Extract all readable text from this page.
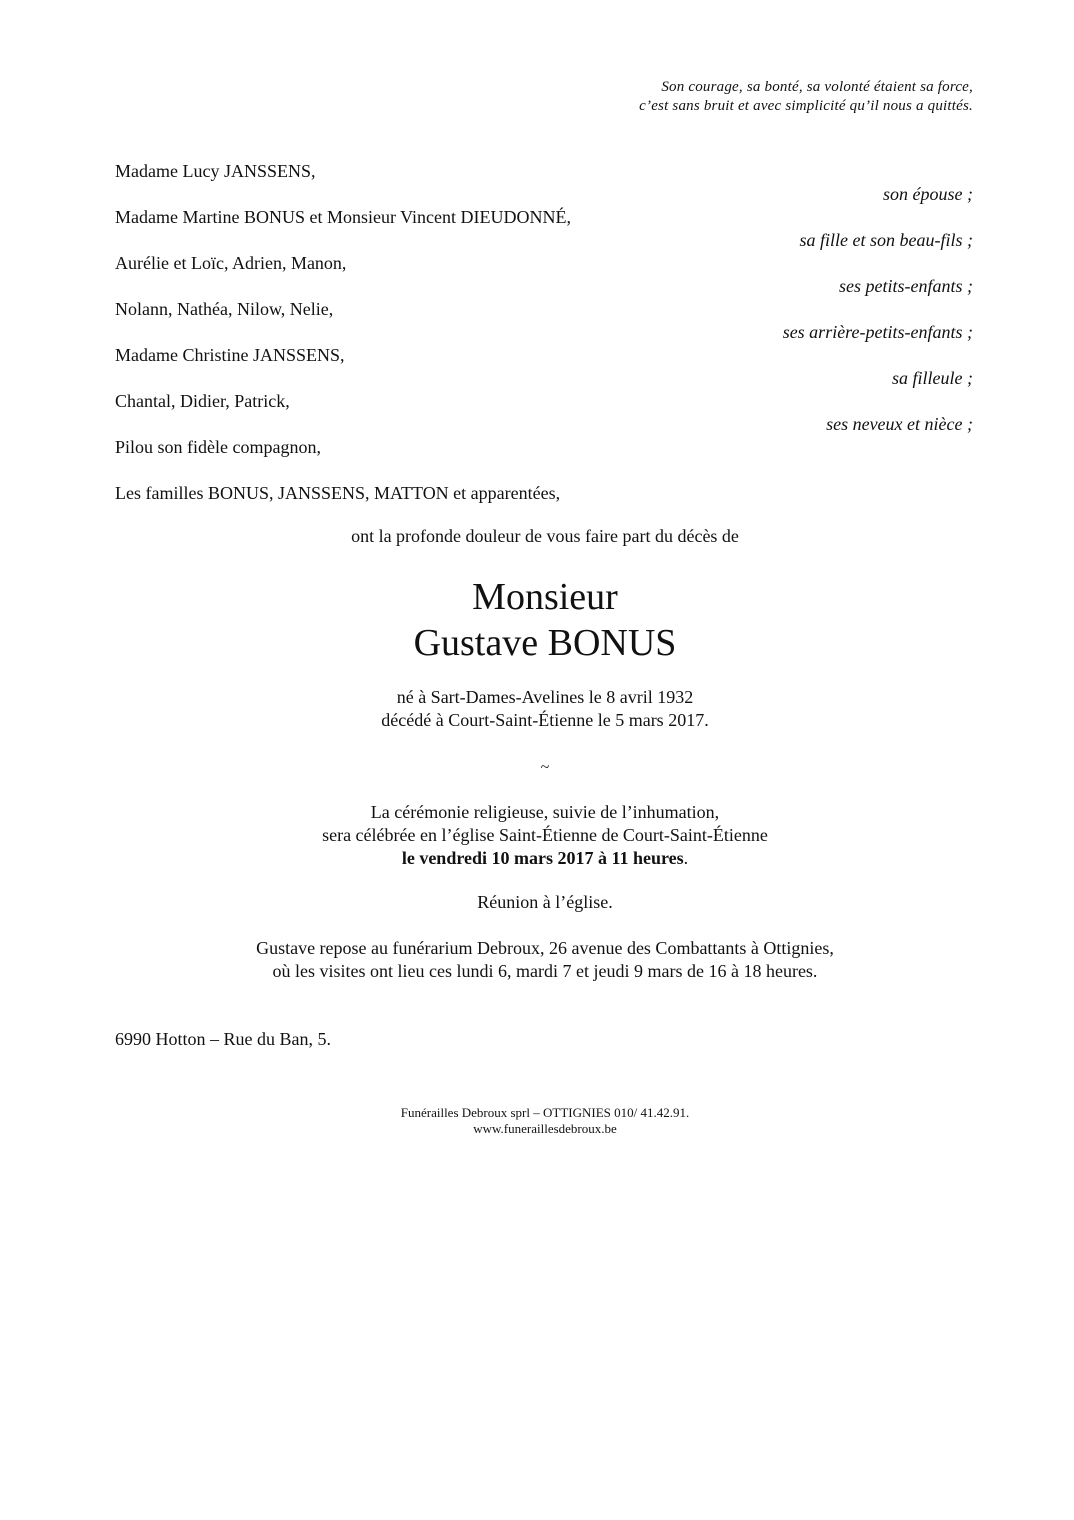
Son courage, sa bonté, sa volonté étaient sa force,
c’est sans bruit et avec simplicité qu’il nous a quittés.
Madame Lucy JANSSENS,
son épouse ;
Madame Martine BONUS et Monsieur Vincent DIEUDONNÉ,
sa fille et son beau-fils ;
Aurélie et Loïc, Adrien, Manon,
ses petits-enfants ;
Nolann, Nathéa, Nilow, Nelie,
ses arrière-petits-enfants ;
Madame Christine JANSSENS,
sa filleule ;
Chantal, Didier, Patrick,
ses neveux et nièce ;
Pilou son fidèle compagnon,
Les familles BONUS, JANSSENS, MATTON et apparentées,
ont la profonde douleur de vous faire part du décès de
Monsieur
Gustave BONUS
né à Sart-Dames-Avelines le 8 avril 1932
décédé à Court-Saint-Étienne le 5 mars 2017.
~
La cérémonie religieuse, suivie de l’inhumation,
sera célébrée en l’église Saint-Étienne de Court-Saint-Étienne
le vendredi 10 mars 2017 à 11 heures.
Réunion à l’église.
Gustave repose au funérarium Debroux, 26 avenue des Combattants à Ottignies,
où les visites ont lieu ces lundi 6, mardi 7 et jeudi 9 mars de 16 à 18 heures.
6990 Hotton – Rue du Ban, 5.
Funérailles Debroux sprl – OTTIGNIES 010/ 41.42.91.
www.funeraillesdebroux.be
